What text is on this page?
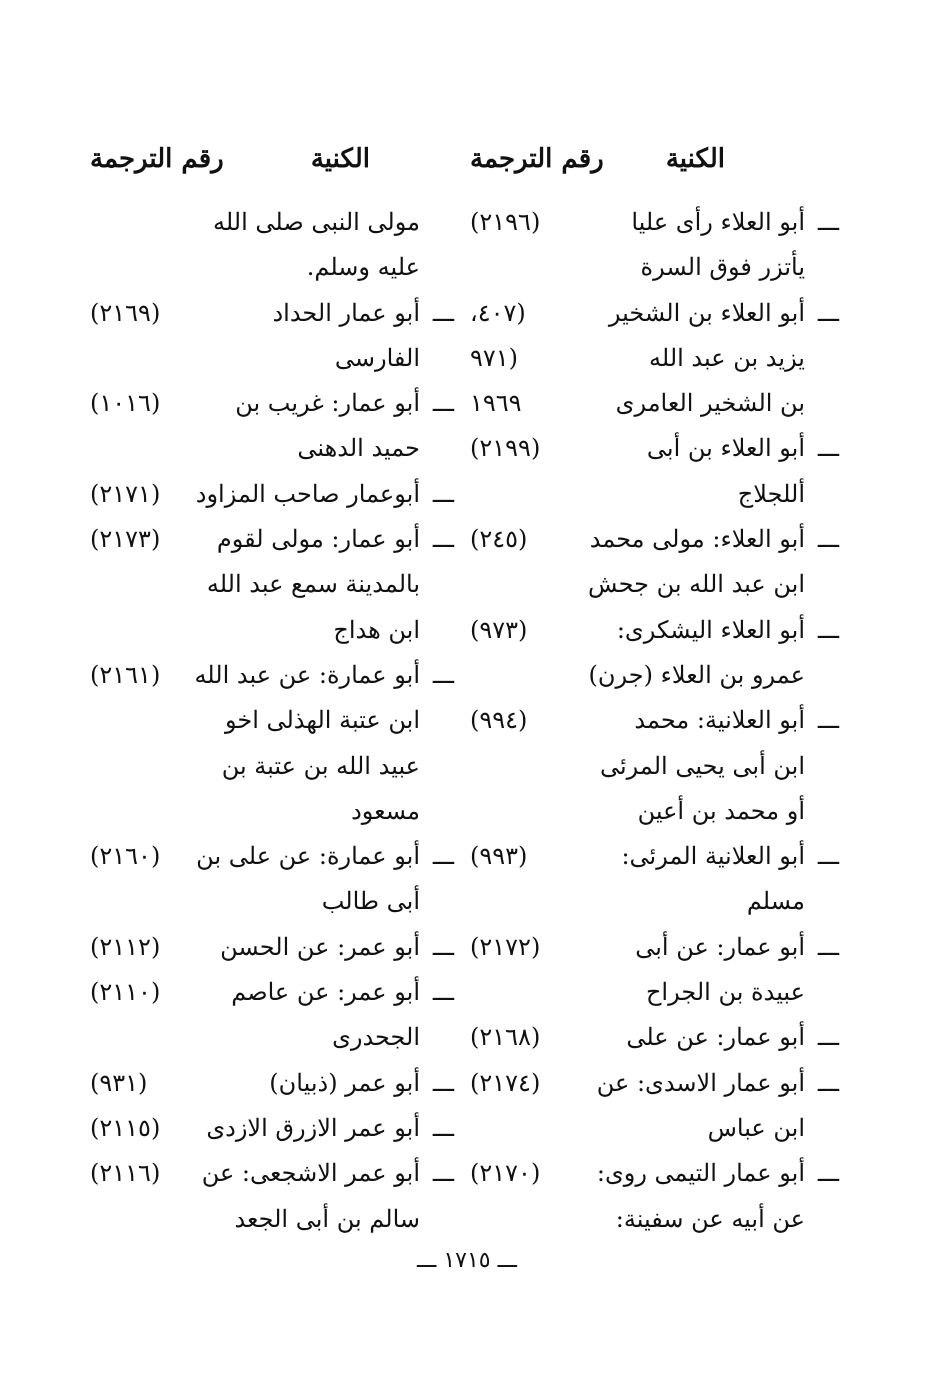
الكنية
رقم الترجمة
ـــ
أبو العلاء رأى عليا
(٢١٩٦)
يأتزر فوق السرة
ـــ
أبو العلاء بن الشخير
(٤٠٧،
يزيد بن عبد الله
(٩٧١
بن الشخير العامرى
١٩٦٩
ـــ
أبو العلاء بن أبى
(٢١٩٩)
أللجلاج
ـــ
أبو العلاء: مولى محمد
(٢٤٥)
ابن عبد الله بن جحش
ـــ
أبو العلاء اليشكرى:
(٩٧٣)
عمرو بن العلاء (جرن)
ـــ
أبو العلانية: محمد
(٩٩٤)
ابن أبى يحيى المرئى
أو محمد بن أعين
ـــ
أبو العلانية المرئى:
(٩٩٣)
مسلم
ـــ
أبو عمار: عن أبى
(٢١٧٢)
عبيدة بن الجراح
ـــ
أبو عمار: عن على
(٢١٦٨)
ـــ
أبو عمار الاسدى: عن
(٢١٧٤)
ابن عباس
ـــ
أبو عمار التيمى روى:
(٢١٧٠)
عن أبيه عن سفينة:
الكنية
رقم الترجمة
مولى النبى صلى الله
عليه وسلم.
ـــ
أبو عمار الحداد
(٢١٦٩)
الفارسى
ـــ
أبو عمار: غريب بن
(١٠١٦)
حميد الدهنى
ـــ
أبوعمار صاحب المزاود
(٢١٧١)
ـــ
أبو عمار: مولى لقوم
(٢١٧٣)
بالمدينة سمع عبد الله
ابن هداج
ـــ
أبو عمارة: عن عبد الله
(٢١٦١)
ابن عتبة الهذلى اخو
عبيد الله بن عتبة بن
مسعود
ـــ
أبو عمارة: عن على بن
(٢١٦٠)
أبى طالب
ـــ
أبو عمر: عن الحسن
(٢١١٢)
ـــ
أبو عمر: عن عاصم
(٢١١٠)
الجحدرى
ـــ
أبو عمر (ذبيان)
(٩٣١)
ـــ
أبو عمر الازرق الازدى
(٢١١٥)
ـــ
أبو عمر الاشجعى: عن
(٢١١٦)
سالم بن أبى الجعد
ـــ ١٧١٥ ـــ
